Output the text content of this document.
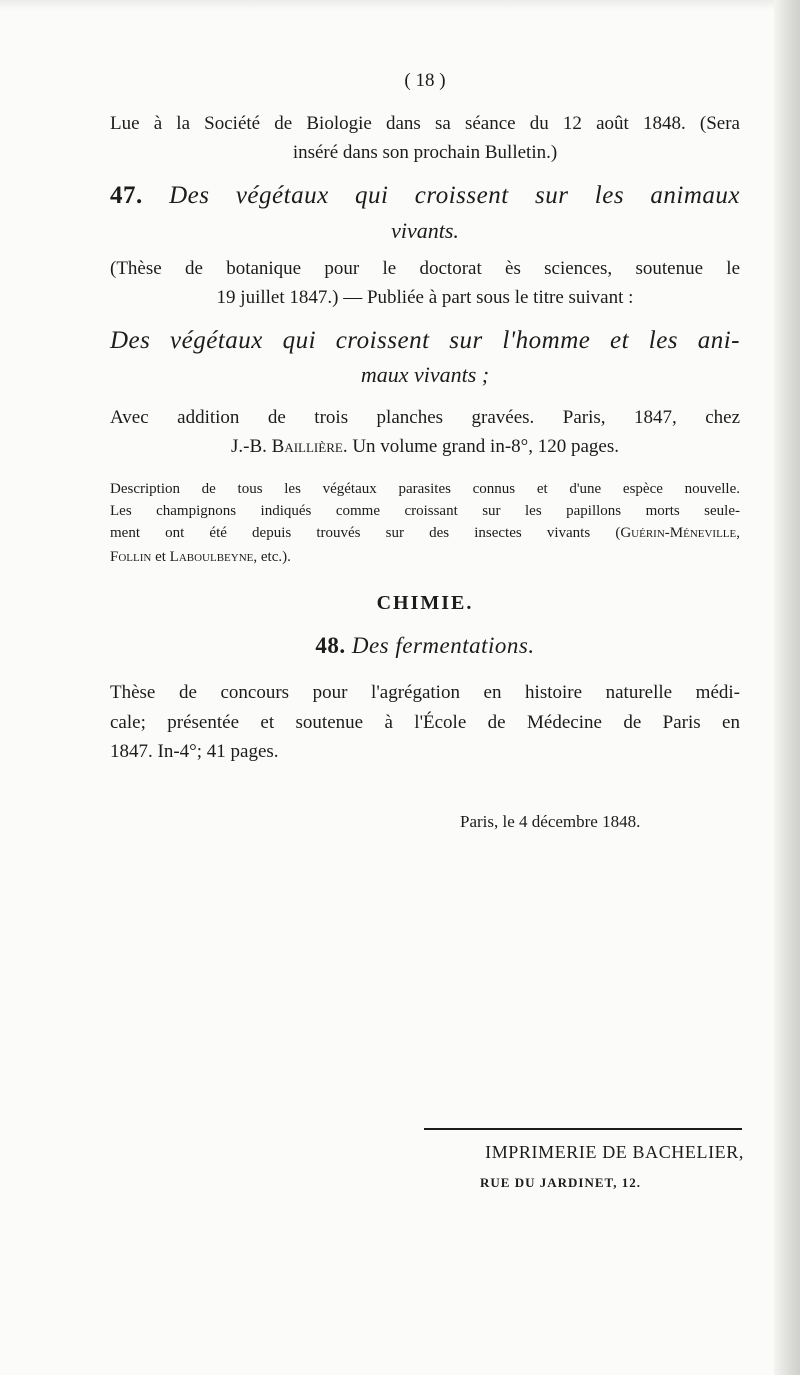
( 18 )
Lue à la Société de Biologie dans sa séance du 12 août 1848. (Sera
inséré dans son prochain Bulletin.)
47. Des végétaux qui croissent sur les animaux
vivants.
(Thèse de botanique pour le doctorat ès sciences, soutenue le
19 juillet 1847.) — Publiée à part sous le titre suivant :
Des végétaux qui croissent sur l'homme et les ani-
maux vivants ;
Avec addition de trois planches gravées. Paris, 1847, chez
J.-B. Baillière. Un volume grand in-8°, 120 pages.
Description de tous les végétaux parasites connus et d'une espèce nouvelle.
Les champignons indiqués comme croissant sur les papillons morts seule-
ment ont été depuis trouvés sur des insectes vivants (Guérin-Méneville,
Follin et Laboulbeyne, etc.).
CHIMIE.
48. Des fermentations.
Thèse de concours pour l'agrégation en histoire naturelle médi-
cale; présentée et soutenue à l'École de Médecine de Paris en
1847. In-4°; 41 pages.
Paris, le 4 décembre 1848.
IMPRIMERIE DE BACHELIER,
RUE DU JARDINET, 12.
